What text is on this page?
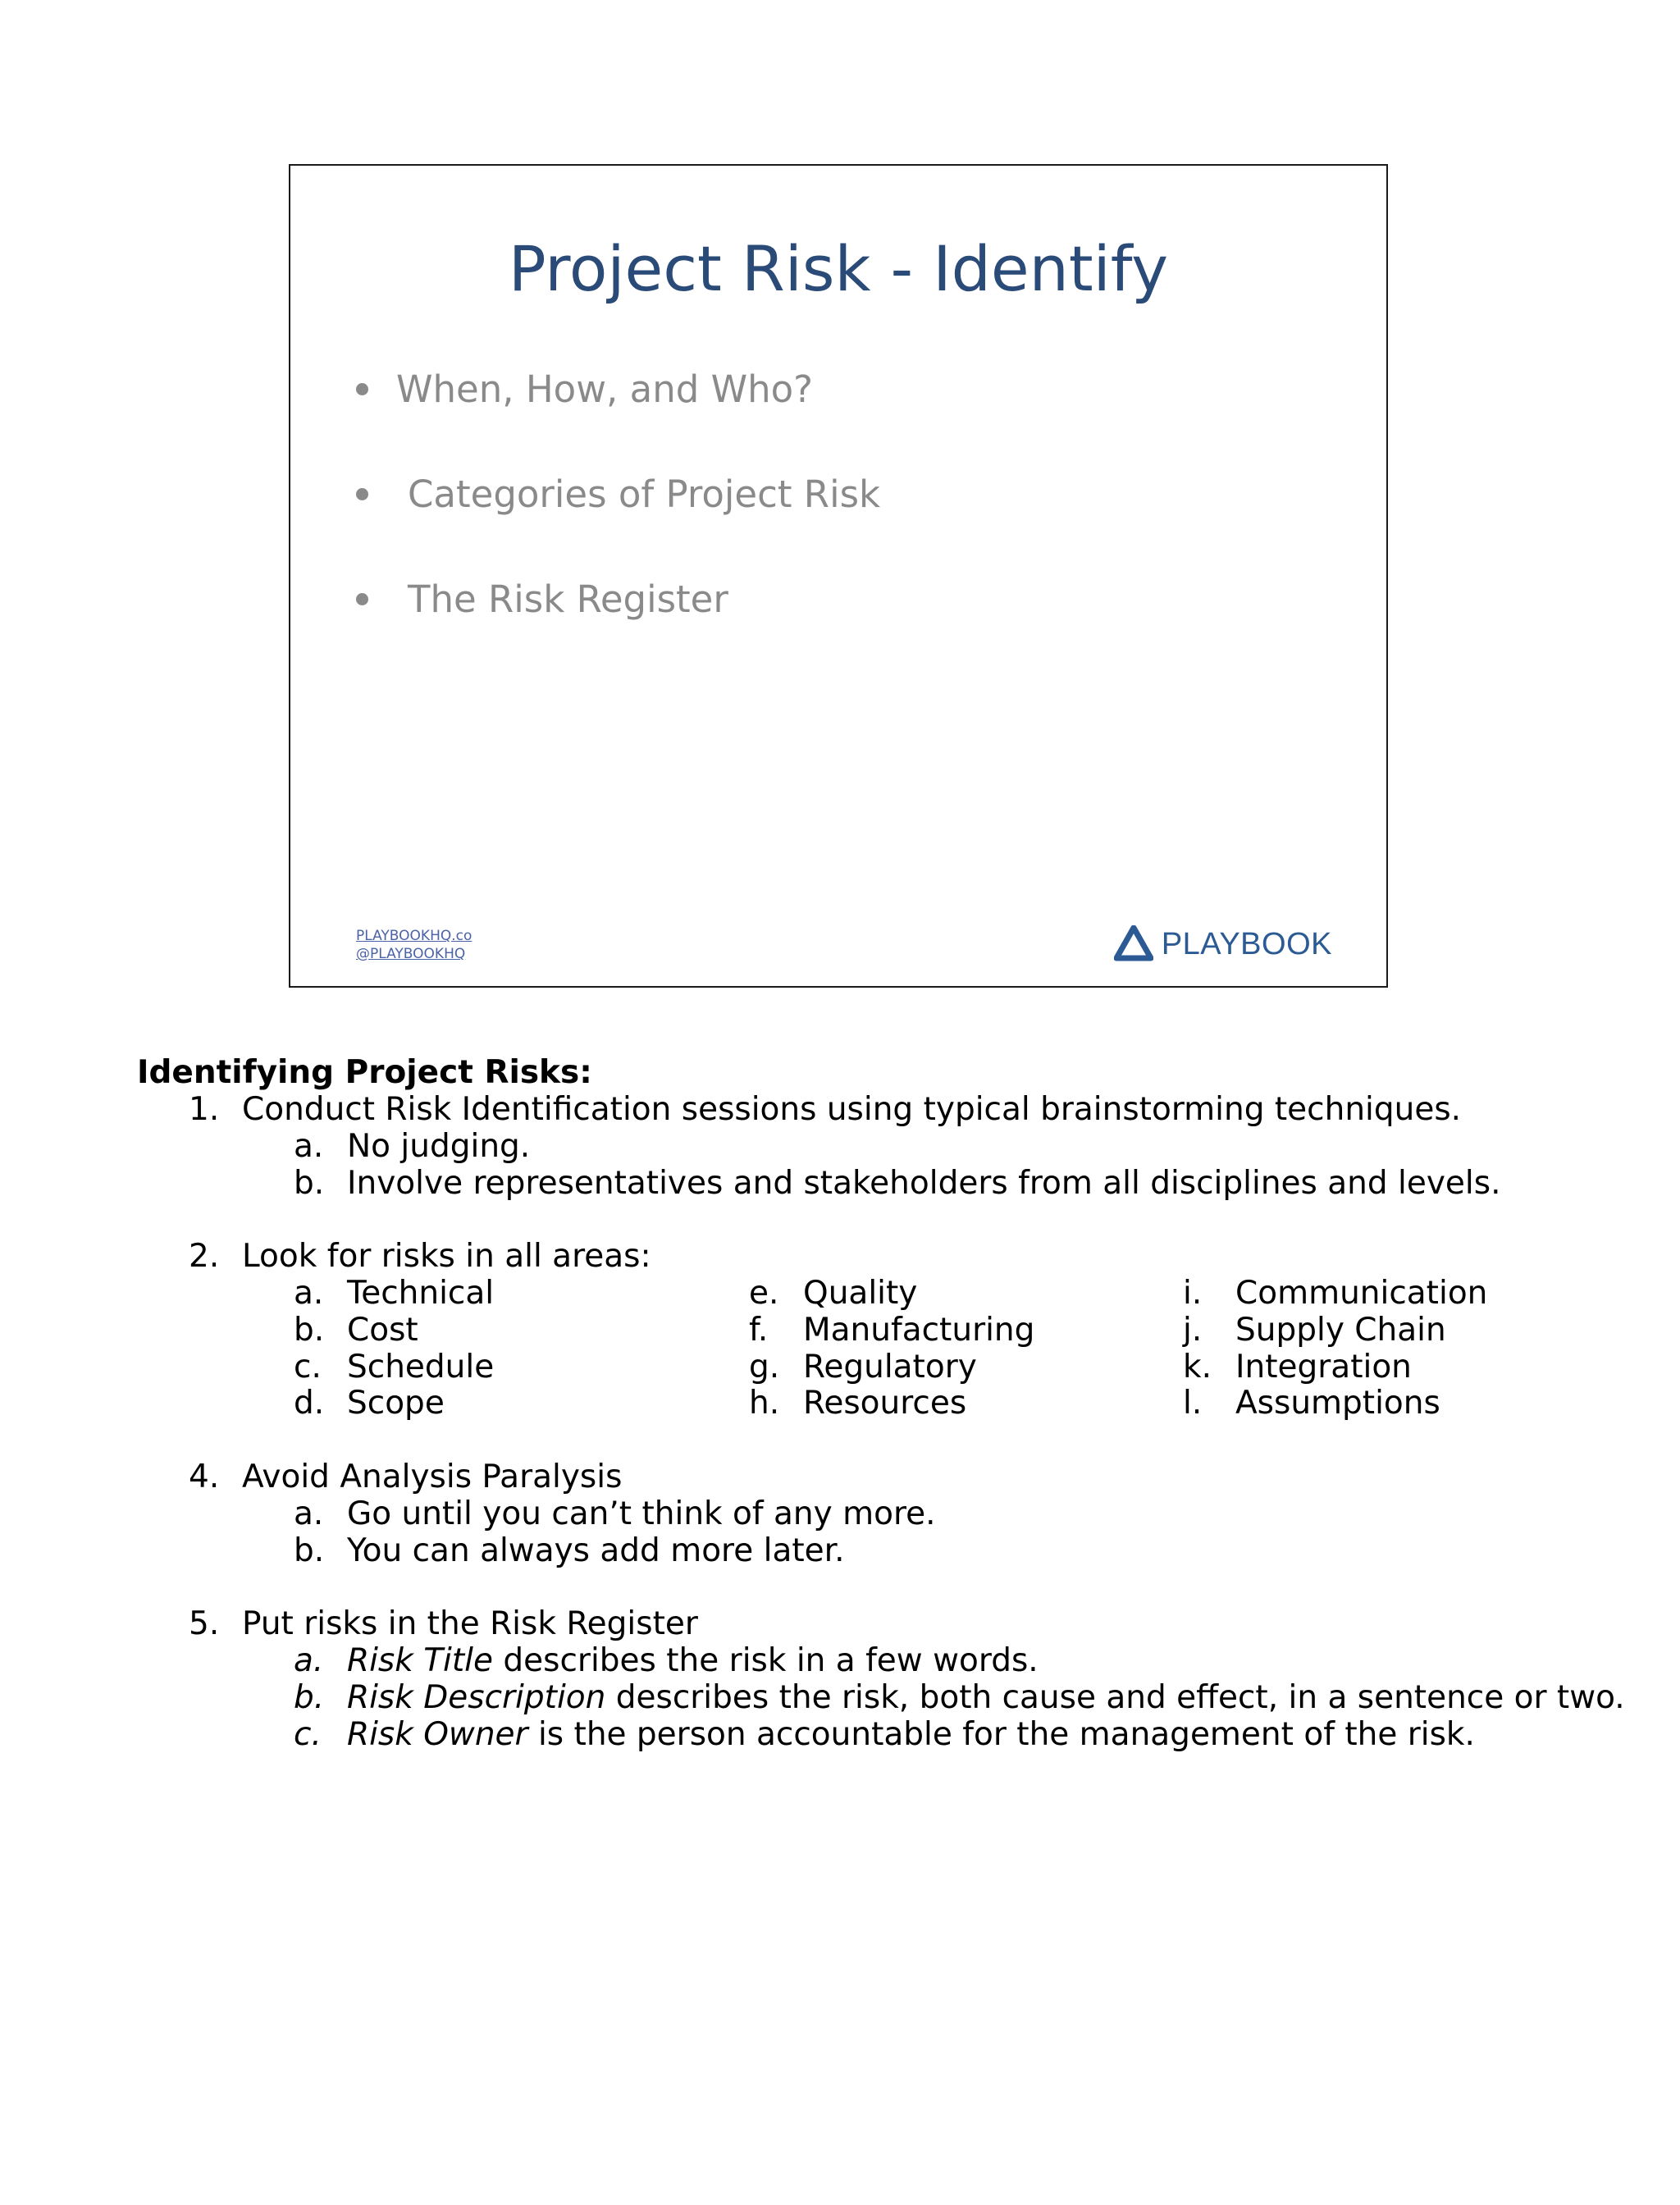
Project Risk - Identify
When, How, and Who?
Categories of Project Risk
The Risk Register
PLAYBOOKHQ.co
@PLAYBOOKHQ	PLAYBOOK
Identifying Project Risks:
1. Conduct Risk Identification sessions using typical brainstorming techniques.
a. No judging.
b. Involve representatives and stakeholders from all disciplines and levels.
2. Look for risks in all areas:
a. Technical
b. Cost
c. Schedule
d. Scope
e. Quality
f. Manufacturing
g. Regulatory
h. Resources
i. Communication
j. Supply Chain
k. Integration
l. Assumptions
4. Avoid Analysis Paralysis
a. Go until you can’t think of any more.
b. You can always add more later.
5. Put risks in the Risk Register
a. Risk Title describes the risk in a few words.
b. Risk Description describes the risk, both cause and effect, in a sentence or two.
c. Risk Owner is the person accountable for the management of the risk.
